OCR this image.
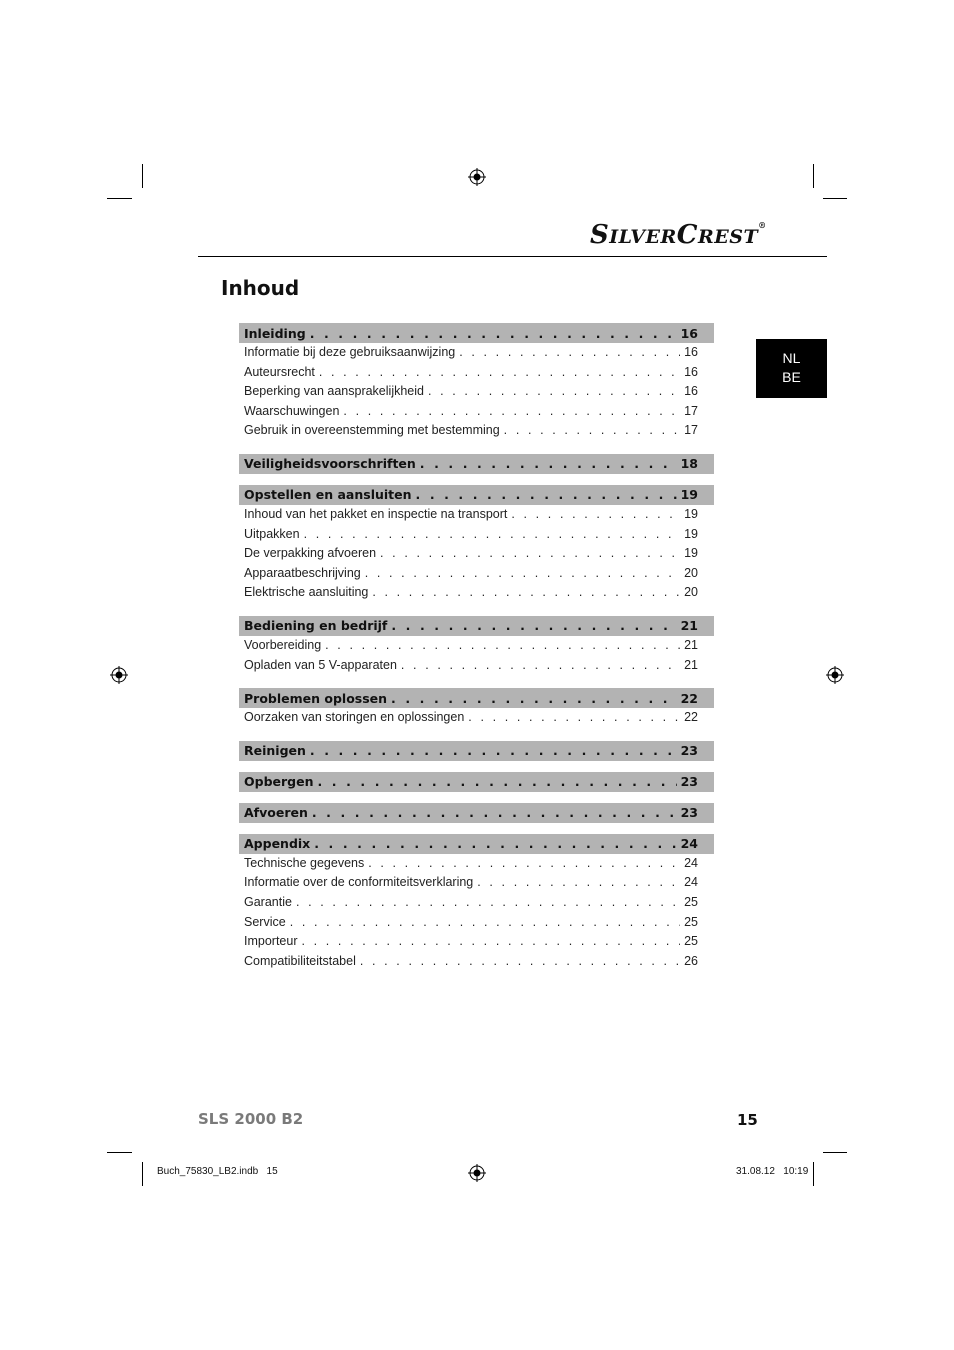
SILVERCREST®
Inhoud
NL
BE
Inleiding . . .	16
Informatie bij deze gebruiksaanwijzing . . .	16
Auteursrecht . . .	16
Beperking van aansprakelijkheid . . .	16
Waarschuwingen . . .	17
Gebruik in overeenstemming met bestemming . . .	17
Veiligheidsvoorschriften . . .	18
Opstellen en aansluiten . . .	19
Inhoud van het pakket en inspectie na transport . . .	19
Uitpakken . . .	19
De verpakking afvoeren . . .	19
Apparaatbeschrijving . . .	20
Elektrische aansluiting . . .	20
Bediening en bedrijf . . .	21
Voorbereiding . . .	21
Opladen van 5 V-apparaten . . .	21
Problemen oplossen . . .	22
Oorzaken van storingen en oplossingen . . .	22
Reinigen . . .	23
Opbergen . . .	23
Afvoeren . . .	23
Appendix . . .	24
Technische gegevens . . .	24
Informatie over de conformiteitsverklaring . . .	24
Garantie . . .	25
Service . . .	25
Importeur . . .	25
Compatibiliteitstabel . . .	26
SLS 2000 B2	15
Buch_75830_LB2.indb   15	31.08.12   10:19
